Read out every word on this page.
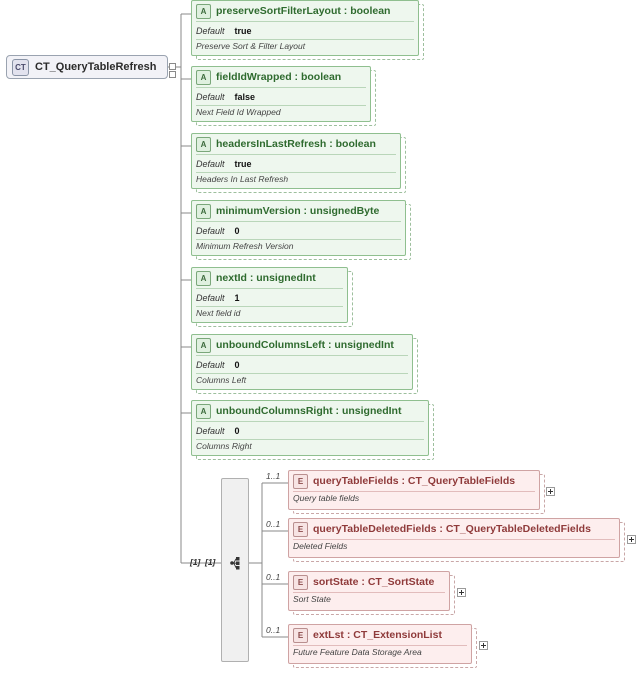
CT CT_QueryTableRefresh
A preserveSortFilterLayout : boolean
Default true
Preserve Sort & Filter Layout
A fieldIdWrapped : boolean
Default false
Next Field Id Wrapped
A headersInLastRefresh : boolean
Default true
Headers In Last Refresh
A minimumVersion : unsignedByte
Default 0
Minimum Refresh Version
A nextId : unsignedInt
Default 1
Next field id
A unboundColumnsLeft : unsignedInt
Default 0
Columns Left
A unboundColumnsRight : unsignedInt
Default 0
Columns Right
[1] [1]
1..1	E queryTableFields : CT_QueryTableFields
Query table fields
0..1	E queryTableDeletedFields : CT_QueryTableDeletedFields
Deleted Fields
0..1	E sortState : CT_SortState
Sort State
0..1	E extLst : CT_ExtensionList
Future Feature Data Storage Area
